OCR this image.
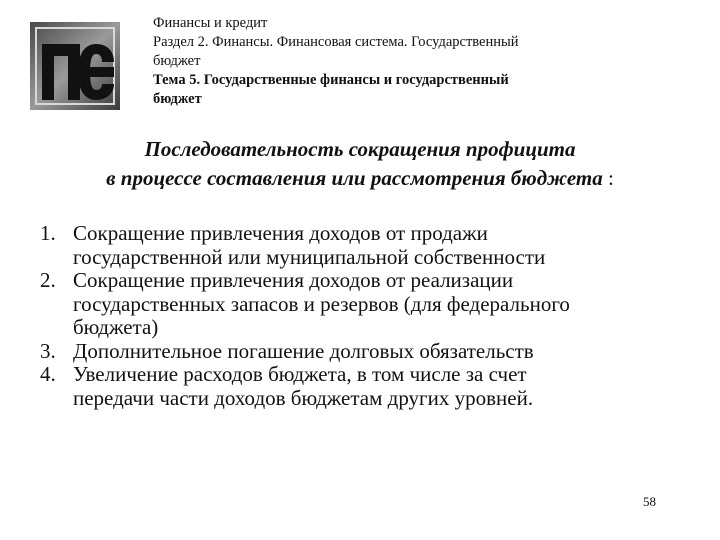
Финансы и кредит
Раздел 2. Финансы. Финансовая система. Государственный
бюджет
Тема 5. Государственные финансы и государственный
бюджет
Последовательность сокращения профицита
в процессе составления или рассмотрения бюджета :
1. Сокращение привлечения доходов от продажи
государственной или муниципальной собственности
2. Сокращение привлечения доходов от реализации
государственных запасов и резервов (для федерального
бюджета)
3. Дополнительное погашение долговых обязательств
4. Увеличение расходов бюджета, в том числе за счет
передачи части доходов бюджетам других уровней.
58
